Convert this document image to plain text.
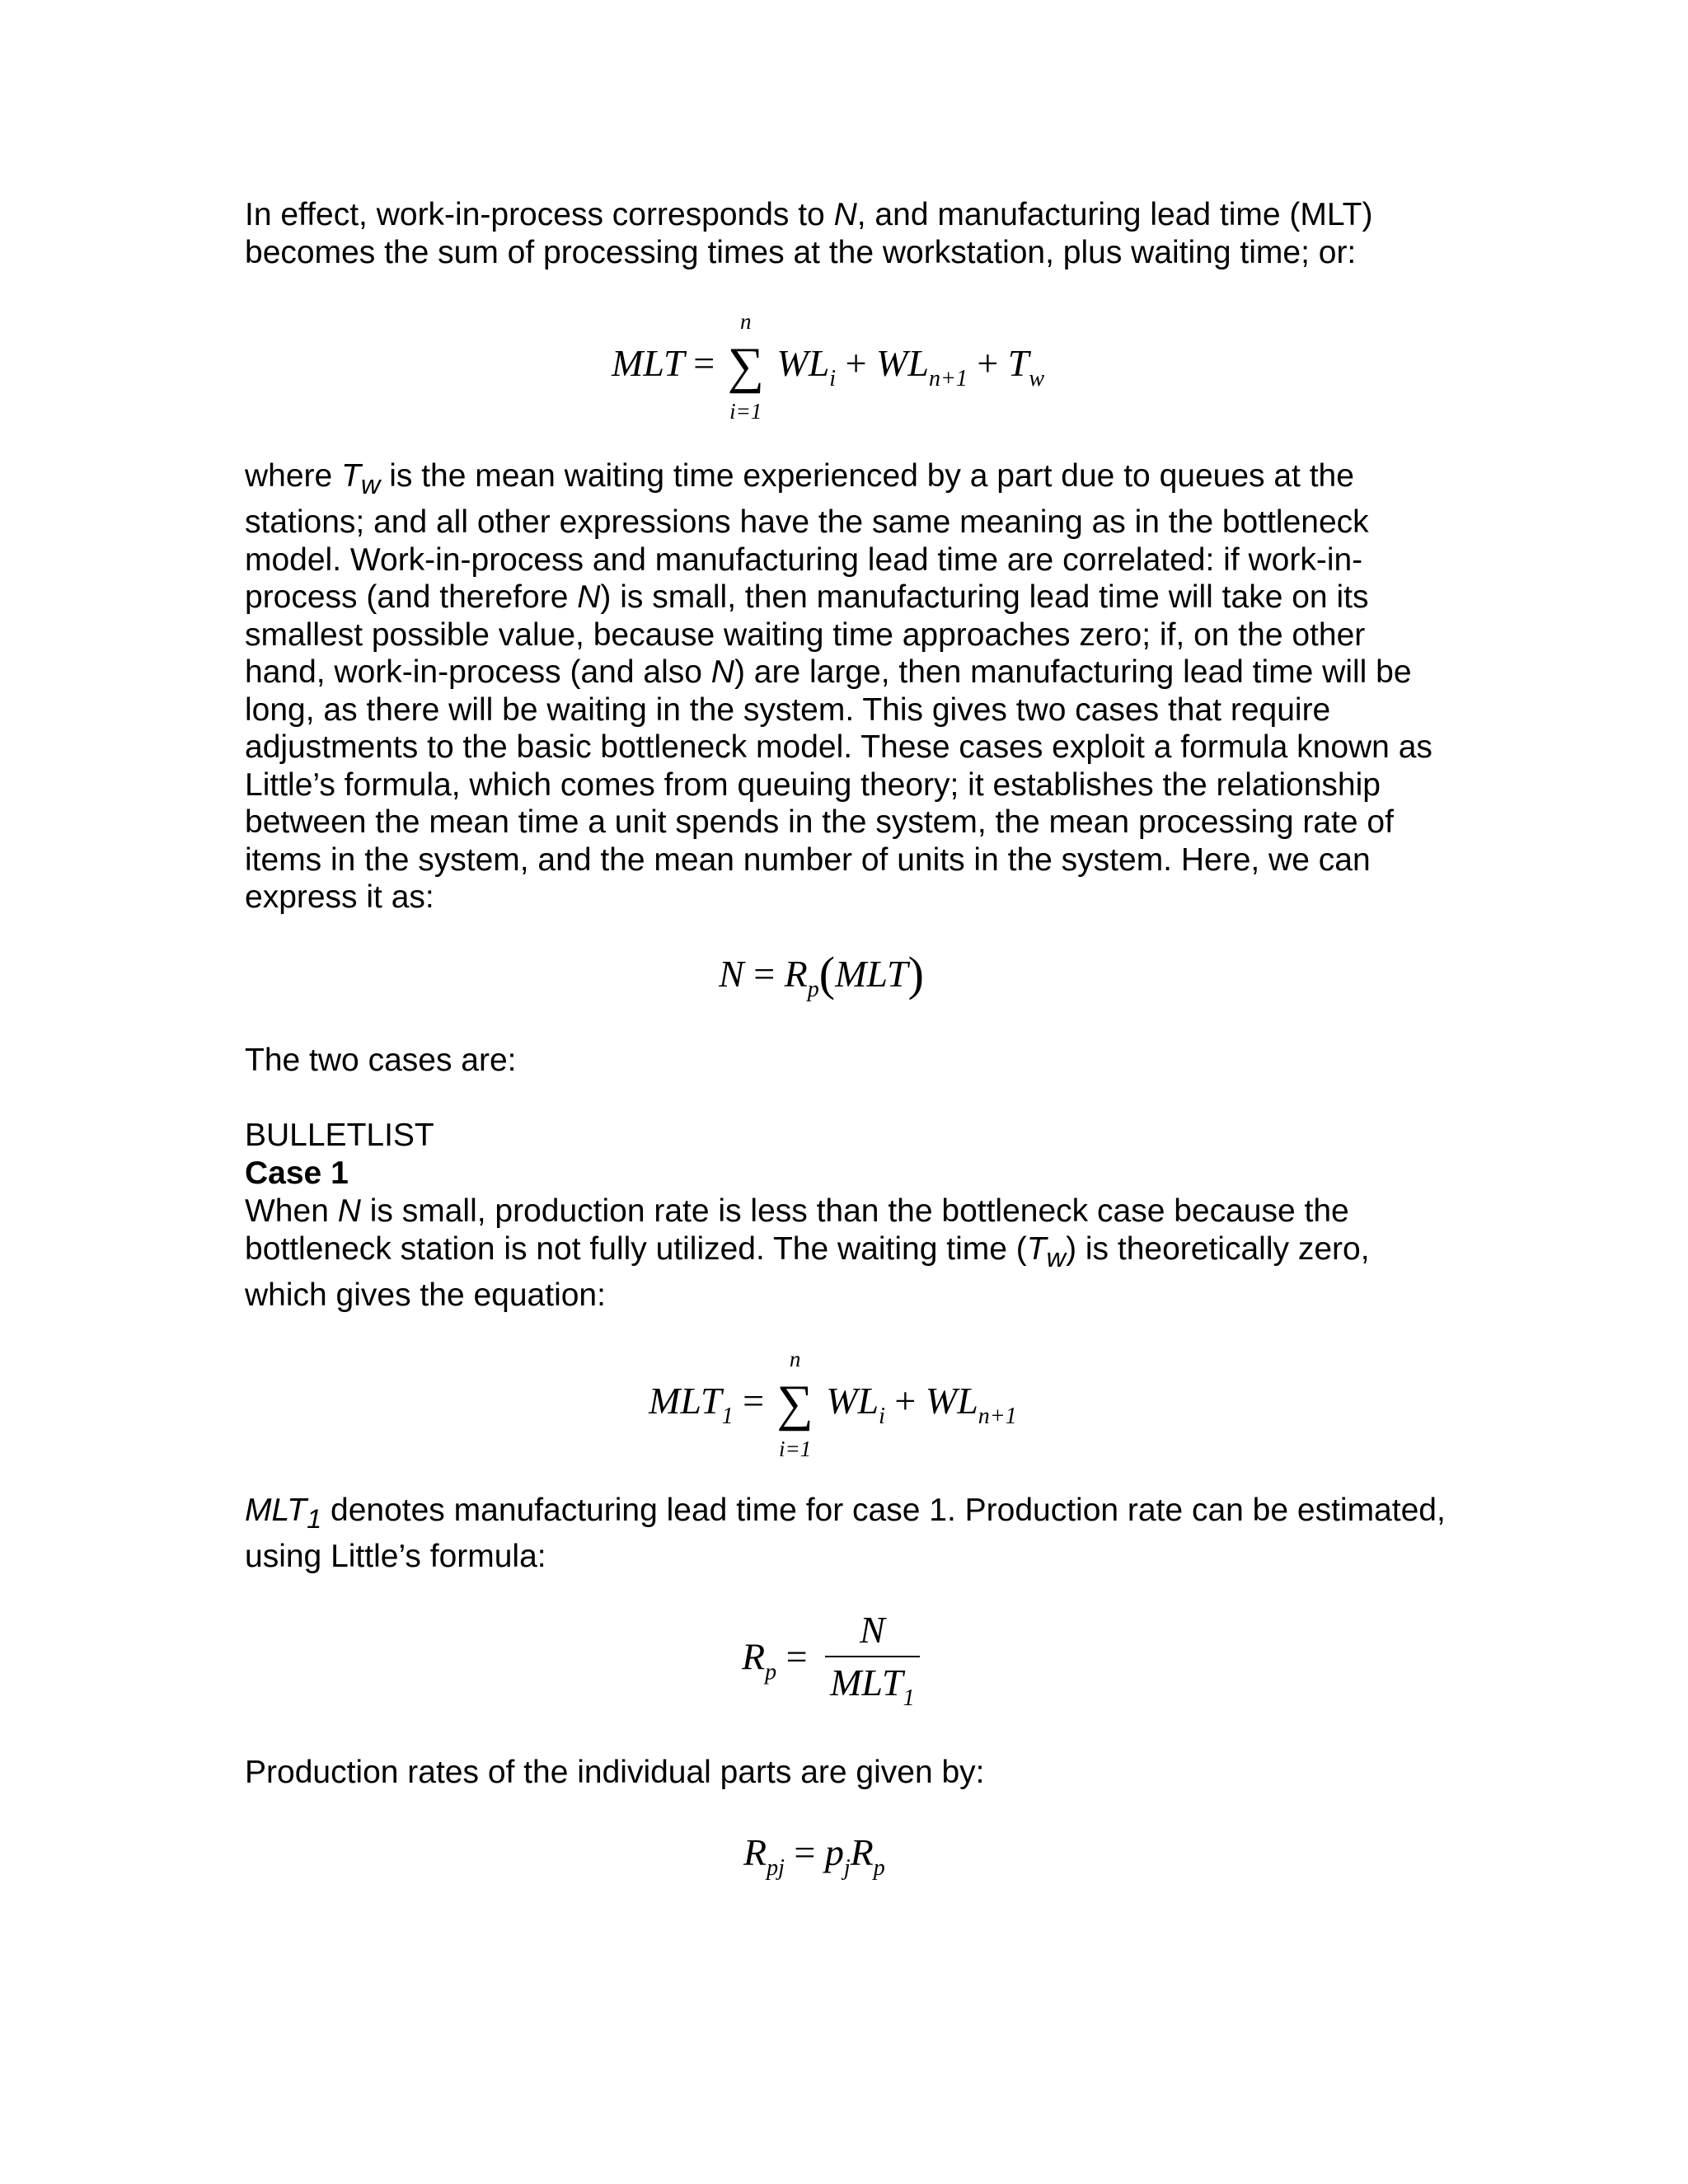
In effect, work-in-process corresponds to N, and manufacturing lead time (MLT) becomes the sum of processing times at the workstation, plus waiting time; or:

MLT = ∑
n
i=1
$WL_i + WL_{n+1} + T_w$

where $T_w$ is the mean waiting time experienced by a part due to queues at the stations; and all other expressions have the same meaning as in the bottleneck model. Work-in-process and manufacturing lead time are correlated: if work-in-process (and therefore N) is small, then manufacturing lead time will take on its smallest possible value, because waiting time approaches zero; if, on the other hand, work-in-process (and also N) are large, then manufacturing lead time will be long, as there will be waiting in the system. This gives two cases that require adjustments to the basic bottleneck model. These cases exploit a formula known as Little’s formula, which comes from queuing theory; it establishes the relationship between the mean time a unit spends in the system, the mean processing rate of items in the system, and the mean number of units in the system. Here, we can express it as:

$N = R_p(MLT)$

The two cases are:

BULLETLIST

Case 1

When N is small, production rate is less than the bottleneck case because the bottleneck station is not fully utilized. The waiting time $(T_w)$ is theoretically zero, which gives the equation:

$MLT_1$ = ∑
n
i=1
$WL_i + WL_{n+1}$

$MLT_1$ denotes manufacturing lead time for case 1. Production rate can be estimated, using Little’s formula:

$R_p = \frac{N}{MLT_1}$

Production rates of the individual parts are given by:

$R_{pj} = p_jR_p$
